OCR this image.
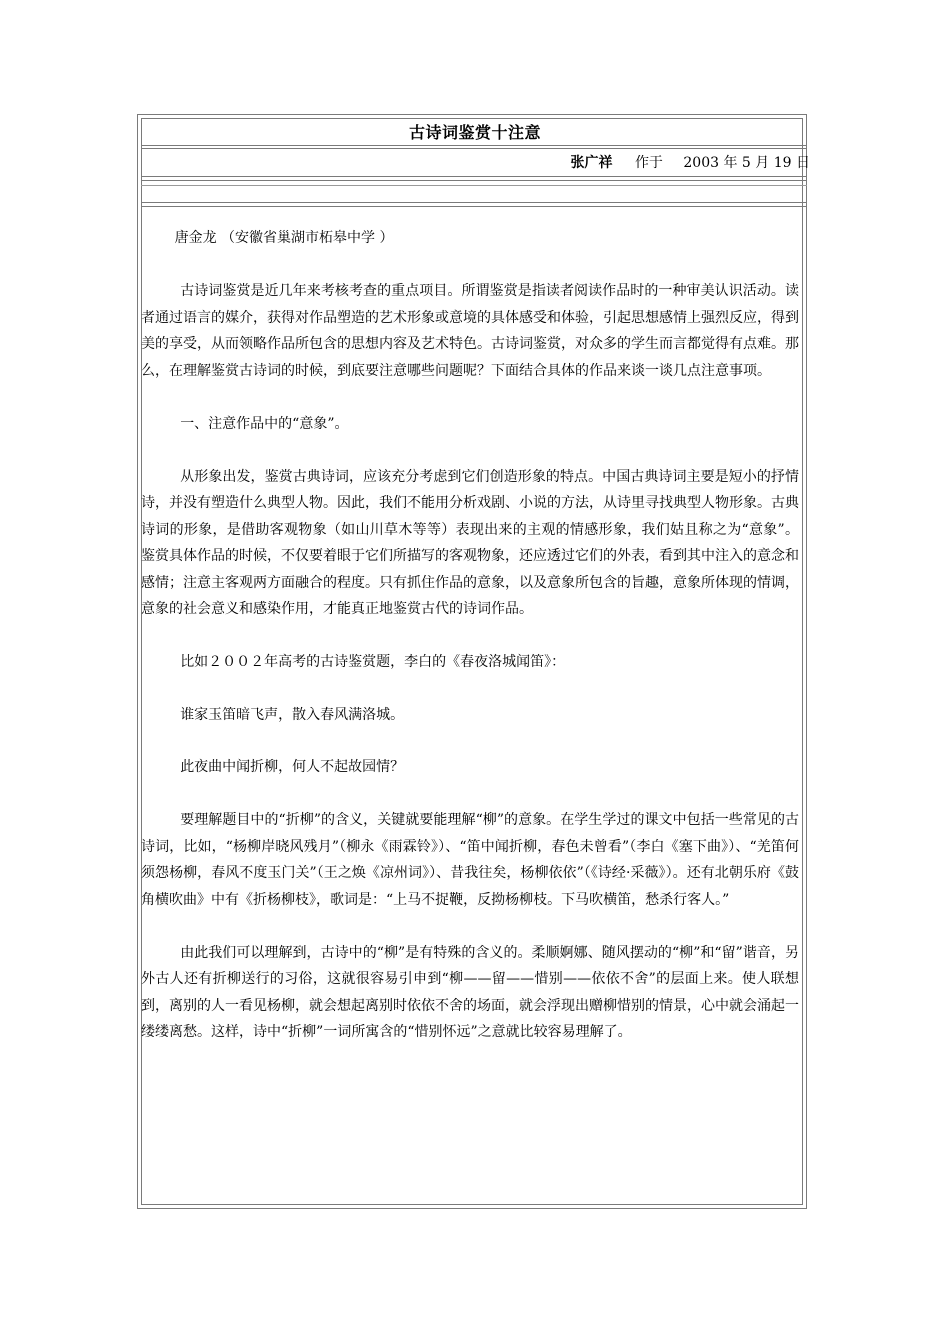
古诗词鉴赏十注意
张广祥 作于 2003 年 5 月 19 日

唐金龙 （安徽省巢湖市柘皋中学 ）

古诗词鉴赏是近几年来考核考查的重点项目。所谓鉴赏是指读者阅读作品时的一种审美认识活动。读者通过语言的媒介，获得对作品塑造的艺术形象或意境的具体感受和体验，引起思想感情上强烈反应，得到美的享受，从而领略作品所包含的思想内容及艺术特色。古诗词鉴赏，对众多的学生而言都觉得有点难。那么，在理解鉴赏古诗词的时候，到底要注意哪些问题呢？下面结合具体的作品来谈一谈几点注意事项。

一、注意作品中的“意象”。

从形象出发，鉴赏古典诗词，应该充分考虑到它们创造形象的特点。中国古典诗词主要是短小的抒情诗，并没有塑造什么典型人物。因此，我们不能用分析戏剧、小说的方法，从诗里寻找典型人物形象。古典诗词的形象，是借助客观物象（如山川草木等等）表现出来的主观的情感形象，我们姑且称之为“意象”。鉴赏具体作品的时候，不仅要着眼于它们所描写的客观物象，还应透过它们的外表，看到其中注入的意念和感情；注意主客观两方面融合的程度。只有抓住作品的意象，以及意象所包含的旨趣，意象所体现的情调，意象的社会意义和感染作用，才能真正地鉴赏古代的诗词作品。

比如２００２年高考的古诗鉴赏题，李白的《春夜洛城闻笛》：

谁家玉笛暗飞声，散入春风满洛城。

此夜曲中闻折柳，何人不起故园情？

要理解题目中的“折柳”的含义，关键就要能理解“柳”的意象。在学生学过的课文中包括一些常见的古诗词，比如，“杨柳岸晓风残月”（柳永《雨霖铃》）、“笛中闻折柳，春色未曾看”（李白《塞下曲》）、“羌笛何须怨杨柳，春风不度玉门关”（王之焕《凉州词》）、昔我往矣，杨柳依依”（《诗经·采薇》）。还有北朝乐府《鼓角横吹曲》中有《折杨柳枝》，歌词是：“上马不捉鞭，反拗杨柳枝。下马吹横笛，愁杀行客人。”

由此我们可以理解到，古诗中的“柳”是有特殊的含义的。柔顺婀娜、随风摆动的“柳”和“留”谐音，另外古人还有折柳送行的习俗，这就很容易引申到“柳——留——惜别——依依不舍”的层面上来。使人联想到，离别的人一看见杨柳，就会想起离别时依依不舍的场面，就会浮现出赠柳惜别的情景，心中就会涌起一缕缕离愁。这样，诗中“折柳”一词所寓含的“惜别怀远”之意就比较容易理解了。
